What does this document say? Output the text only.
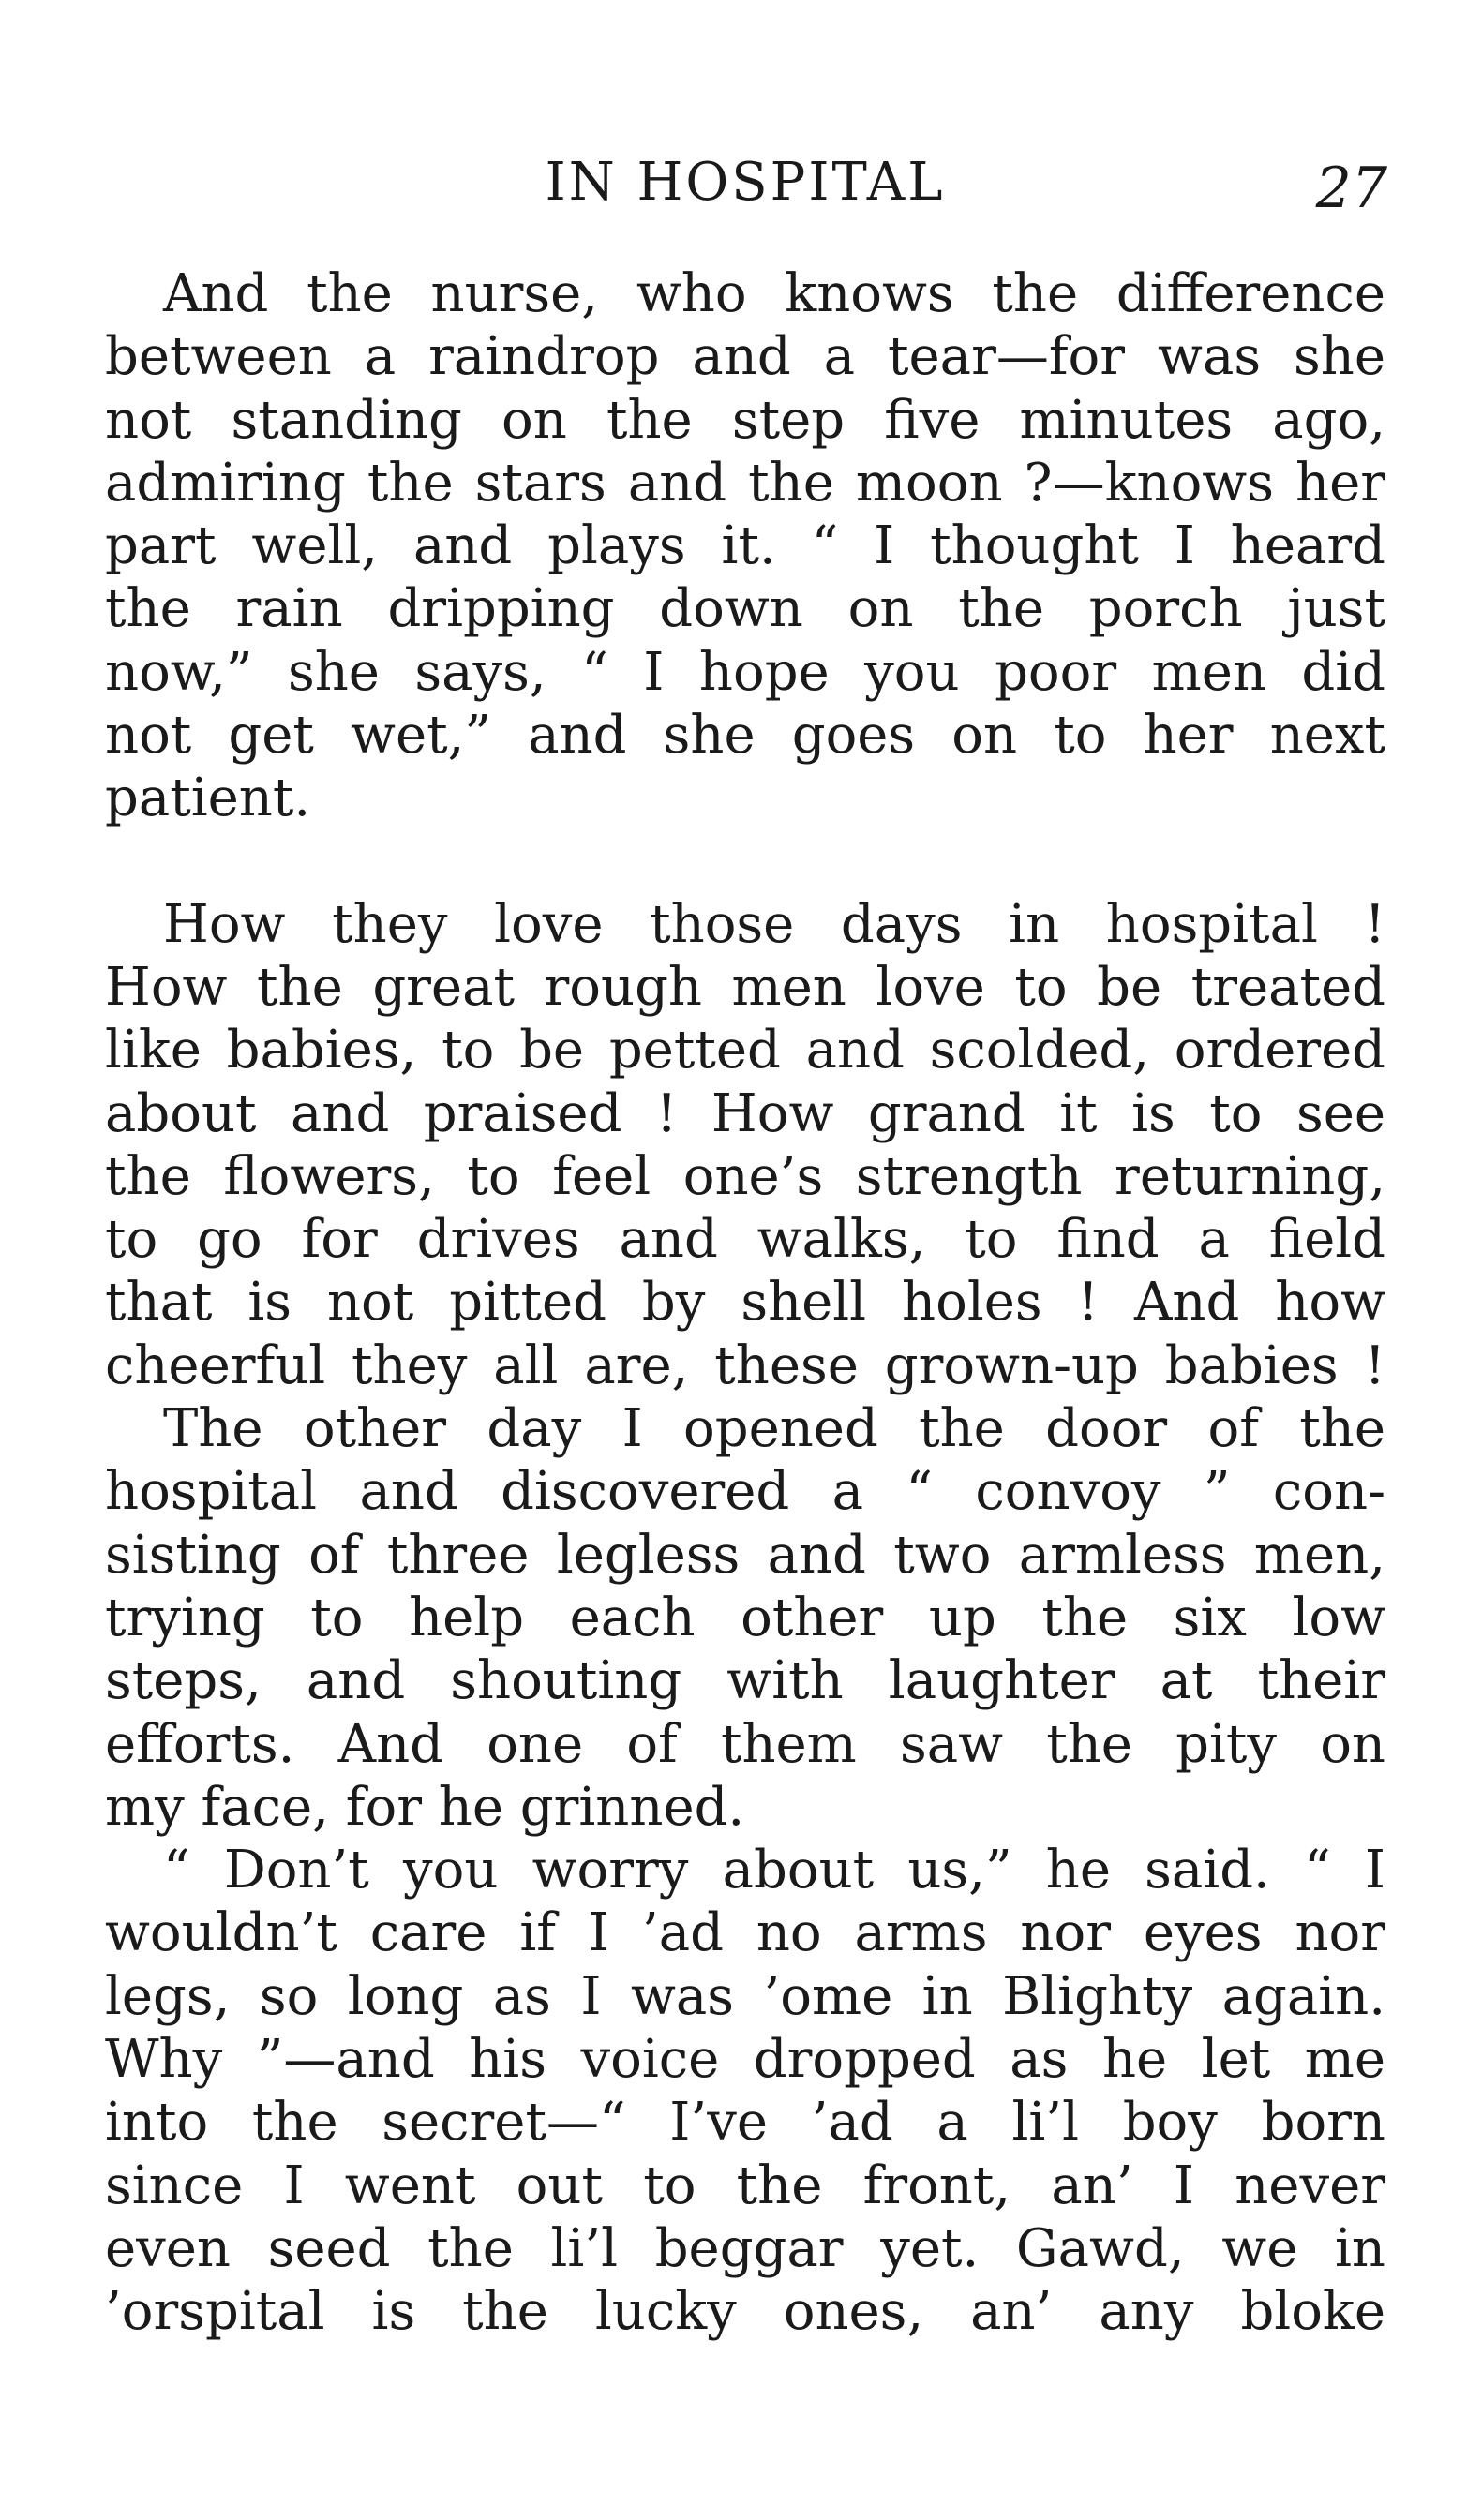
IN HOSPITAL	27
And the nurse, who knows the difference
between a raindrop and a tear—for was she
not standing on the step five minutes ago,
admiring the stars and the moon ?—knows her
part well, and plays it. “ I thought I heard
the rain dripping down on the porch just
now,” she says, “ I hope you poor men did
not get wet,” and she goes on to her next
patient.
How they love those days in hospital !
How the great rough men love to be treated
like babies, to be petted and scolded, ordered
about and praised ! How grand it is to see
the flowers, to feel one’s strength returning,
to go for drives and walks, to find a field
that is not pitted by shell holes ! And how
cheerful they all are, these grown-up babies !
The other day I opened the door of the
hospital and discovered a “ convoy ” con-
sisting of three legless and two armless men,
trying to help each other up the six low
steps, and shouting with laughter at their
efforts. And one of them saw the pity on
my face, for he grinned.
“ Don’t you worry about us,” he said. “ I
wouldn’t care if I ’ad no arms nor eyes nor
legs, so long as I was ’ome in Blighty again.
Why ”—and his voice dropped as he let me
into the secret—“ I’ve ’ad a li’l boy born
since I went out to the front, an’ I never
even seed the li’l beggar yet. Gawd, we in
’orspital is the lucky ones, an’ any bloke
